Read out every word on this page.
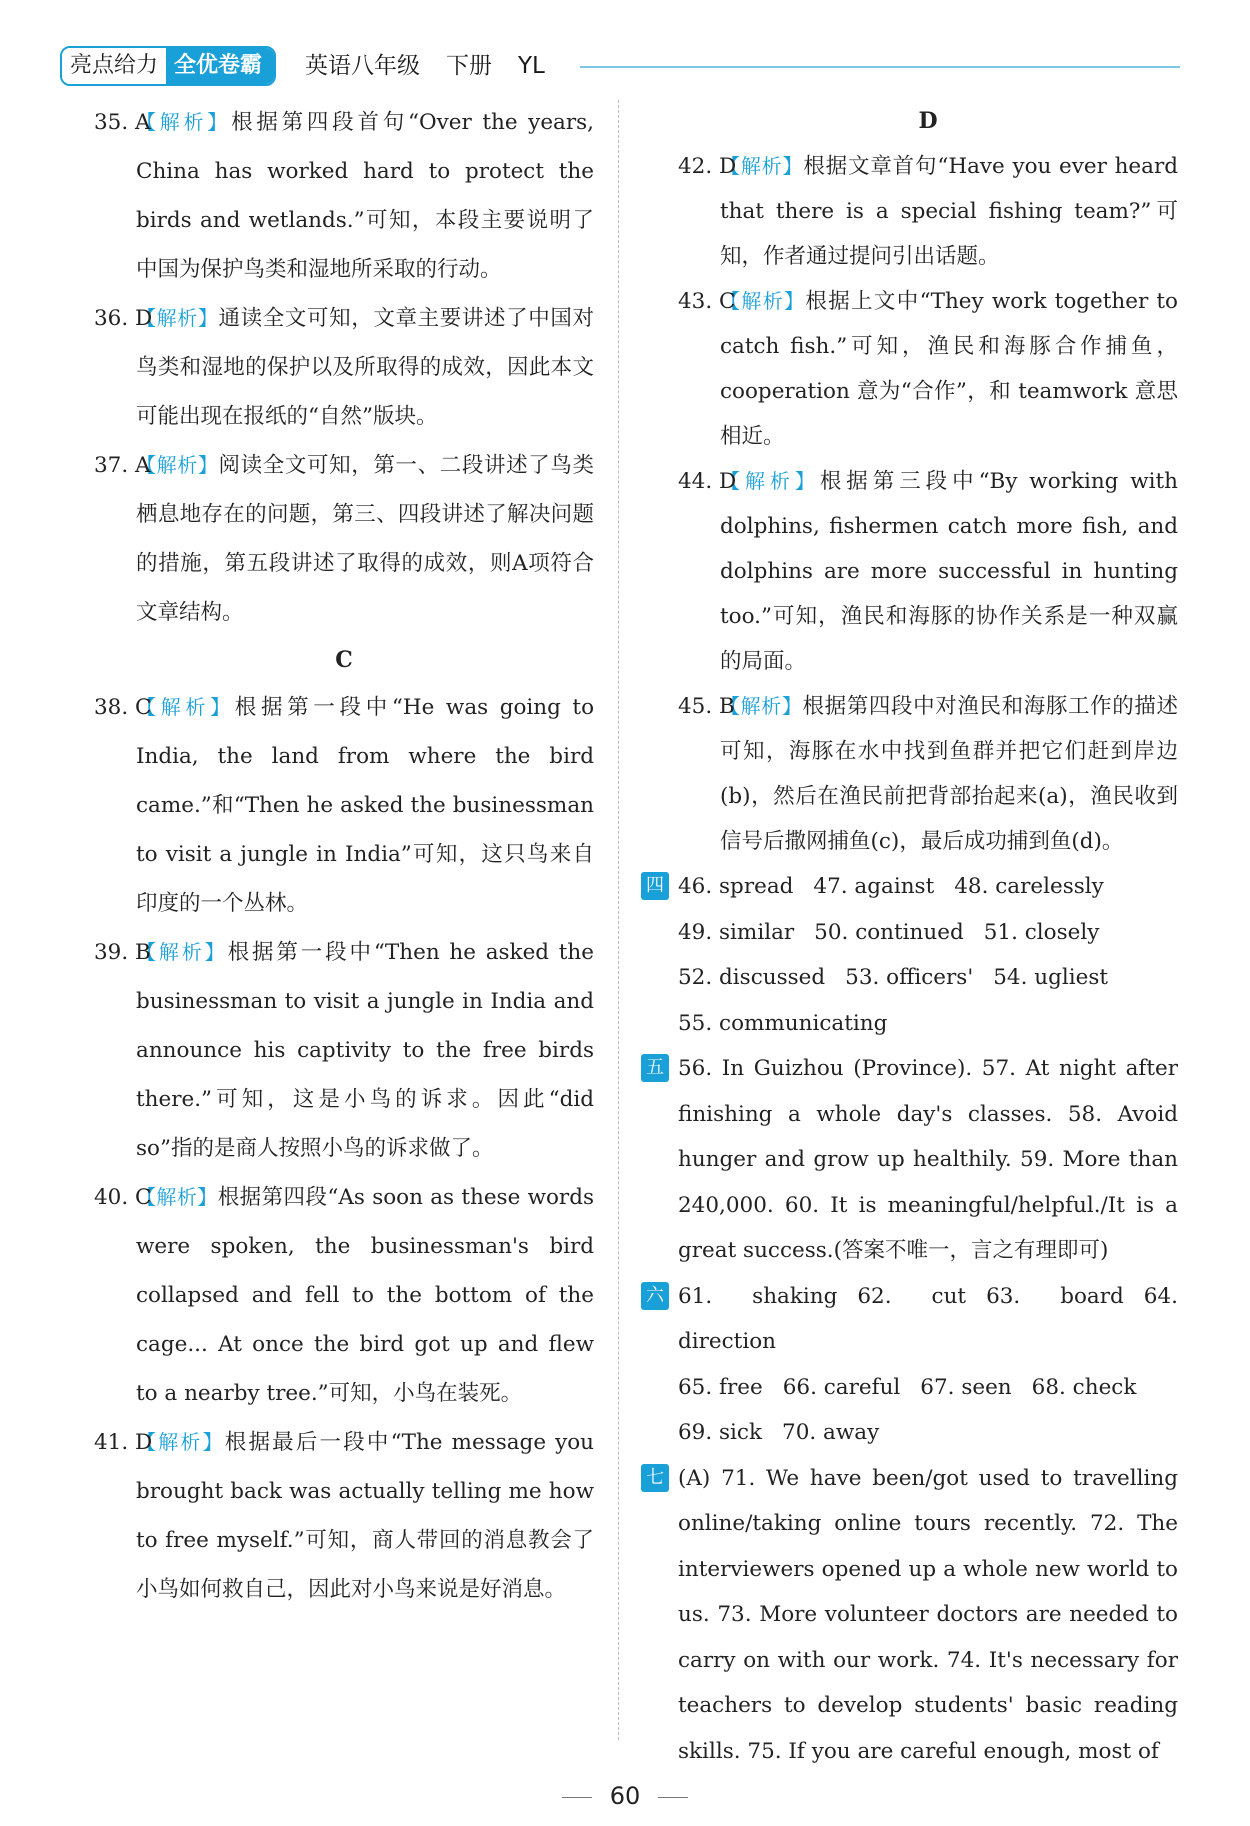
亮点给力 全优卷霸	英语八年级 下册 YL
35. A
【解析】根据第四段首句“Over the years, China has worked hard to protect the birds and wetlands.”可知，本段主要说明了中国为保护鸟类和湿地所采取的行动。
36. D
【解析】通读全文可知，文章主要讲述了中国对鸟类和湿地的保护以及所取得的成效，因此本文可能出现在报纸的“自然”版块。
37. A
【解析】阅读全文可知，第一、二段讲述了鸟类栖息地存在的问题，第三、四段讲述了解决问题的措施，第五段讲述了取得的成效，则A项符合文章结构。
C
38. C
【解析】根据第一段中“He was going to India, the land from where the bird came.”和“Then he asked the businessman to visit a jungle in India”可知，这只鸟来自印度的一个丛林。
39. B
【解析】根据第一段中“Then he asked the businessman to visit a jungle in India and announce his captivity to the free birds there.”可知，这是小鸟的诉求。因此“did so”指的是商人按照小鸟的诉求做了。
40. C
【解析】根据第四段“As soon as these words were spoken, the businessman's bird collapsed and fell to the bottom of the cage... At once the bird got up and flew to a nearby tree.”可知，小鸟在装死。
41. D
【解析】根据最后一段中“The message you brought back was actually telling me how to free myself.”可知，商人带回的消息教会了小鸟如何救自己，因此对小鸟来说是好消息。
D
42. D
【解析】根据文章首句“Have you ever heard that there is a special fishing team?”可知，作者通过提问引出话题。
43. C
【解析】根据上文中“They work together to catch fish.”可知，渔民和海豚合作捕鱼，cooperation 意为“合作”，和 teamwork 意思相近。
44. D
【解析】根据第三段中“By working with dolphins, fishermen catch more fish, and dolphins are more successful in hunting too.”可知，渔民和海豚的协作关系是一种双赢的局面。
45. B
【解析】根据第四段中对渔民和海豚工作的描述可知，海豚在水中找到鱼群并把它们赶到岸边(b)，然后在渔民前把背部抬起来(a)，渔民收到信号后撒网捕鱼(c)，最后成功捕到鱼(d)。
四 46. spread 47. against 48. carelessly
49. similar 50. continued 51. closely
52. discussed 53. officers' 54. ugliest
55. communicating
五 56. In Guizhou (Province). 57. At night after finishing a whole day's classes. 58. Avoid hunger and grow up healthily. 59. More than 240,000. 60. It is meaningful/helpful./It is a great success.(答案不唯一，言之有理即可)
六 61. shaking 62. cut 63. board 64. direction
65. free 66. careful 67. seen 68. check
69. sick 70. away
七 (A) 71. We have been/got used to travelling online/taking online tours recently. 72. The interviewers opened up a whole new world to us. 73. More volunteer doctors are needed to carry on with our work. 74. It's necessary for teachers to develop students' basic reading skills. 75. If you are careful enough, most of
60
